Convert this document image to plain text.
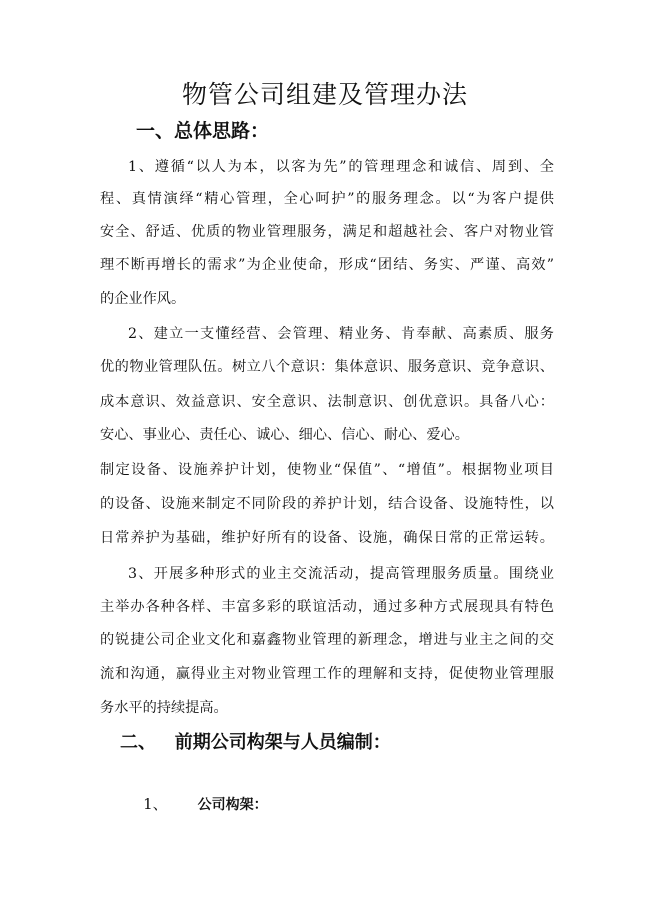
物管公司组建及管理办法
一、总体思路：

1、遵循“以人为本，以客为先”的管理理念和诚信、周到、全

程、真情演绎“精心管理，全心呵护”的服务理念。以“为客户提供

安全、舒适、优质的物业管理服务，满足和超越社会、客户对物业管

理不断再增长的需求”为企业使命，形成“团结、务实、严谨、高效”

的企业作风。

2、建立一支懂经营、会管理、精业务、肯奉献、高素质、服务

优的物业管理队伍。树立八个意识：集体意识、服务意识、竞争意识、

成本意识、效益意识、安全意识、法制意识、创优意识。具备八心：

安心、事业心、责任心、诚心、细心、信心、耐心、爱心。

制定设备、设施养护计划，使物业“保值”、“增值”。根据物业项目

的设备、设施来制定不同阶段的养护计划，结合设备、设施特性，以

日常养护为基础，维护好所有的设备、设施，确保日常的正常运转。

3、开展多种形式的业主交流活动，提高管理服务质量。围绕业

主举办各种各样、丰富多彩的联谊活动，通过多种方式展现具有特色

的锐捷公司企业文化和嘉鑫物业管理的新理念，增进与业主之间的交

流和沟通，赢得业主对物业管理工作的理解和支持，促使物业管理服

务水平的持续提高。

二、   前期公司构架与人员编制：

1、 公司构架：
